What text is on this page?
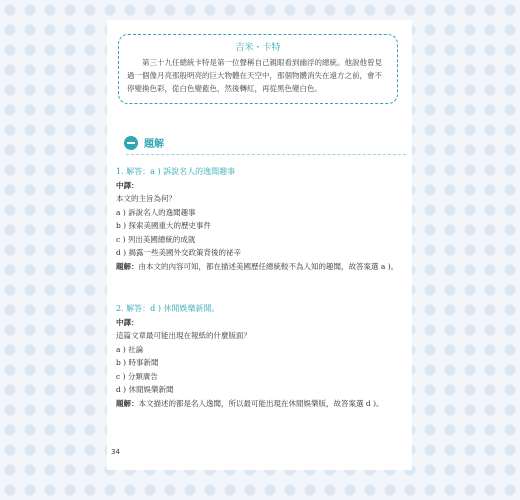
吉米・卡特

第三十九任總統卡特是第一位聲稱自己親眼看到幽浮的總統。他說他曾見過一個像月亮那般明亮的巨大物體在天空中，那個物體消失在遠方之前，會不停變換色彩，從白色變藍色，然後轉紅，再從黑色變白色。

題解

1. 解答：a ) 訴說名人的逸聞趣事

中譯：

本文的主旨為何？

a ) 訴說名人的逸聞趣事

b ) 探索美國重大的歷史事件

c ) 列出美國總統的成就

d ) 揭露一些美國外交政策背後的祕辛

題解：由本文的內容可知，都在描述美國歷任總統較不為人知的趣聞，故答案選 a )。

2. 解答：d ) 休閒娛樂新聞。

中譯：

這篇文章最可能出現在報紙的什麼版面？

a ) 社論

b ) 時事新聞

c ) 分類廣告

d ) 休閒娛樂新聞

題解：本文描述的都是名人逸聞，所以最可能出現在休閒娛樂版，故答案選 d )。

34
